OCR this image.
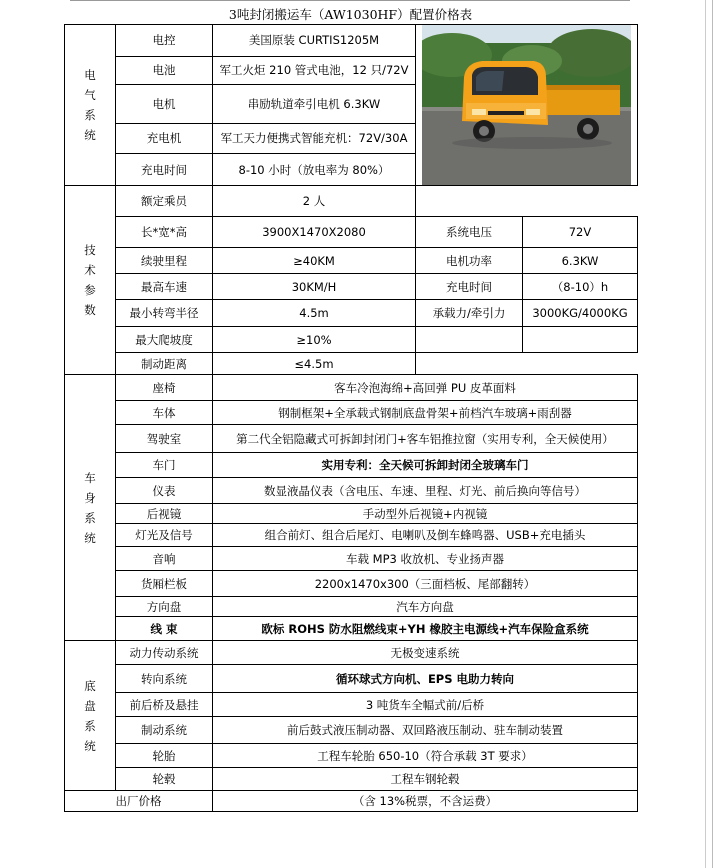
3吨封闭搬运车（AW1030HF）配置价格表
电
气
系
统	电控	美国原装 CURTIS1205M	

	电池	军工火炬 210 管式电池，12 只/72V		
	电机	串励轨道牵引电机 6.3KW		
	充电机	军工天力便携式智能充机：72V/30A		
	充电时间	8-10 小时（放电率为 80%）		
技
术
参
数	额定乘员	2 人		
	长*宽*高	3900X1470X2080	系统电压	72V
	续驶里程	≥40KM	电机功率	6.3KW
	最高车速	30KM/H	充电时间	（8-10）h
	最小转弯半径	4.5m	承载力/牵引力	3000KG/4000KG
	最大爬坡度	≥10%		
	制动距离	≤4.5m		
车
身
系
统	座椅	客车冷泡海绵+高回弹 PU 皮革面料		
	车体	钢制框架+全承载式钢制底盘骨架+前档汽车玻璃+雨刮器		
	驾驶室	第二代全铝隐藏式可拆卸封闭门+客车铝推拉窗（实用专利，全天候使用）		
	车门	实用专利：全天候可拆卸封闭全玻璃车门		
	仪表	数显液晶仪表（含电压、车速、里程、灯光、前后换向等信号）		
	后视镜	手动型外后视镜+内视镜		
	灯光及信号	组合前灯、组合后尾灯、电喇叭及倒车蜂鸣器、USB+充电插头		
	音响	车载 MP3 收放机、专业扬声器		
	货厢栏板	2200x1470x300（三面档板、尾部翻转）		
	方向盘	汽车方向盘		
	线 束	欧标 ROHS 防水阻燃线束+YH 橡胶主电源线+汽车保险盒系统		
底
盘
系
统	动力传动系统	无极变速系统		
	转向系统	循环球式方向机、EPS 电助力转向		
	前后桥及悬挂	3 吨货车全幅式前/后桥		
	制动系统	前后鼓式液压制动器、双回路液压制动、驻车制动装置		
	轮胎	工程车轮胎 650-10（符合承载 3T 要求）		
	轮毂	工程车钢轮毂		
出厂价格		（含 13%税票，不含运费）		
